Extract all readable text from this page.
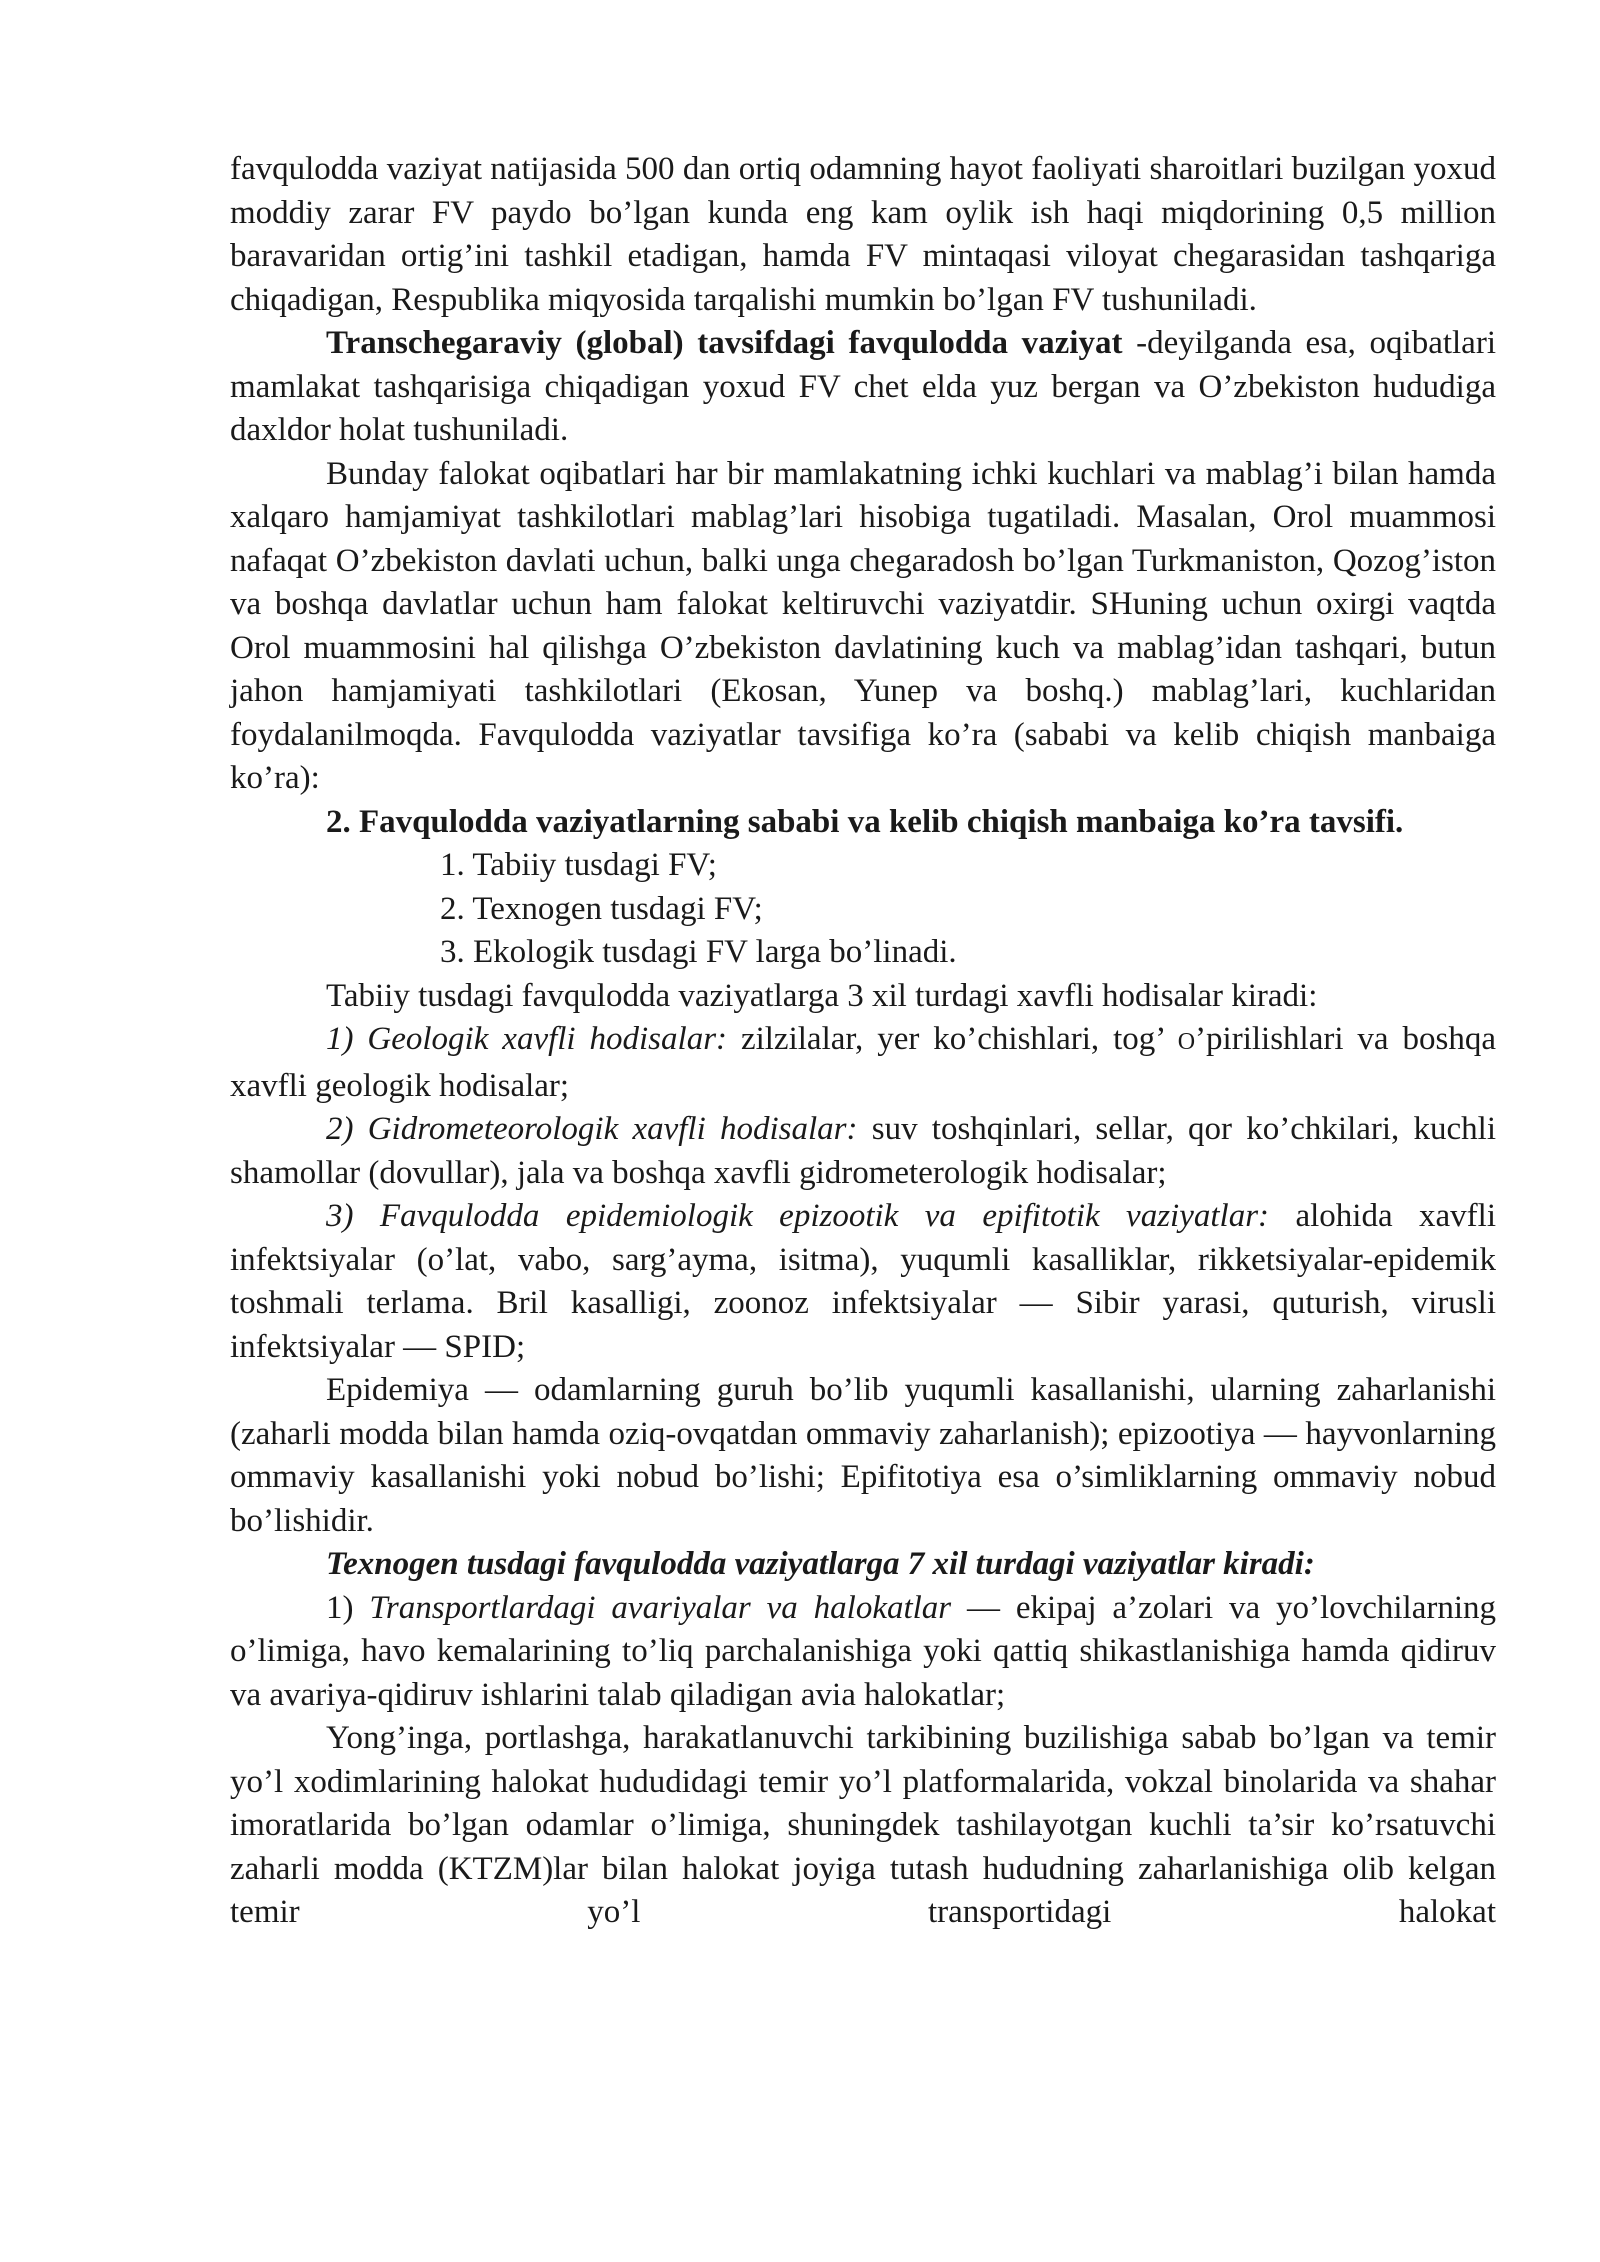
favqulodda vaziyat natijasida 500 dan ortiq odamning hayot faoliyati sharoitlari buzilgan yoxud moddiy zarar FV paydo bo’lgan kunda eng kam oylik ish haqi miqdorining 0,5 million baravaridan ortig’ini tashkil etadigan, hamda FV mintaqasi viloyat chegarasidan tashqariga chiqadigan, Respublika miqyosida tarqalishi mumkin bo’lgan FV tushuniladi.

Transchegaraviy (global) tavsifdagi favqulodda vaziyat -deyilganda esa, oqibatlari mamlakat tashqarisiga chiqadigan yoxud FV chet elda yuz bergan va O’zbekiston hududiga daxldor holat tushuniladi.

Bunday falokat oqibatlari har bir mamlakatning ichki kuchlari va mablag’i bilan hamda xalqaro hamjamiyat tashkilotlari mablag’lari hisobiga tugatiladi. Masalan, Orol muammosi nafaqat O’zbekiston davlati uchun, balki unga chegaradosh bo’lgan Turkmaniston, Qozog’iston va boshqa davlatlar uchun ham falokat keltiruvchi vaziyatdir. SHuning uchun oxirgi vaqtda Orol muammosini hal qilishga O’zbekiston davlatining kuch va mablag’idan tashqari, butun jahon hamjamiyati tashkilotlari (Ekosan, Yunep va boshq.) mablag’lari, kuchlaridan foydalanilmoqda. Favqulodda vaziyatlar tavsifiga ko’ra (sababi va kelib chiqish manbaiga ko’ra):

2. Favqulodda vaziyatlarning sababi va kelib chiqish manbaiga ko’ra tavsifi.

1. Tabiiy tusdagi FV;
2. Texnogen tusdagi FV;
3. Ekologik tusdagi FV larga bo’linadi.

Tabiiy tusdagi favqulodda vaziyatlarga 3 xil turdagi xavfli hodisalar kiradi:

1) Geologik xavfli hodisalar: zilzilalar, yer ko’chishlari, tog’ O’pirilishlari va boshqa xavfli geologik hodisalar;

2) Gidrometeorologik xavfli hodisalar: suv toshqinlari, sellar, qor ko’chkilari, kuchli shamollar (dovullar), jala va boshqa xavfli gidrometerologik hodisalar;

3) Favqulodda epidemiologik epizootik va epifitotik vaziyatlar: alohida xavfli infektsiyalar (o’lat, vabo, sarg’ayma, isitma), yuqumli kasalliklar, rikketsiyalar-epidemik toshmali terlama. Bril kasalligi, zoonoz infektsiyalar — Sibir yarasi, quturish, virusli infektsiyalar — SPID;

Epidemiya — odamlarning guruh bo’lib yuqumli kasallanishi, ularning zaharlanishi (zaharli modda bilan hamda oziq-ovqatdan ommaviy zaharlanish); epizootiya — hayvonlarning ommaviy kasallanishi yoki nobud bo’lishi; Epifitotiya esa o’simliklarning ommaviy nobud bo’lishidir.

Texnogen tusdagi favqulodda vaziyatlarga 7 xil turdagi vaziyatlar kiradi:

1) Transportlardagi avariyalar va halokatlar — ekipaj a’zolari va yo’lovchilarning o’limiga, havo kemalarining to’liq parchalanishiga yoki qattiq shikastlanishiga hamda qidiruv va avariya-qidiruv ishlarini talab qiladigan avia halokatlar;

Yong’inga, portlashga, harakatlanuvchi tarkibining buzilishiga sabab bo’lgan va temir yo’l xodimlarining halokat hududidagi temir yo’l platformalarida, vokzal binolarida va shahar imoratlarida bo’lgan odamlar o’limiga, shuningdek tashilayotgan kuchli ta’sir ko’rsatuvchi zaharli modda (KTZM)lar bilan halokat joyiga tutash hududning zaharlanishiga olib kelgan temir yo’l transportidagi halokat
